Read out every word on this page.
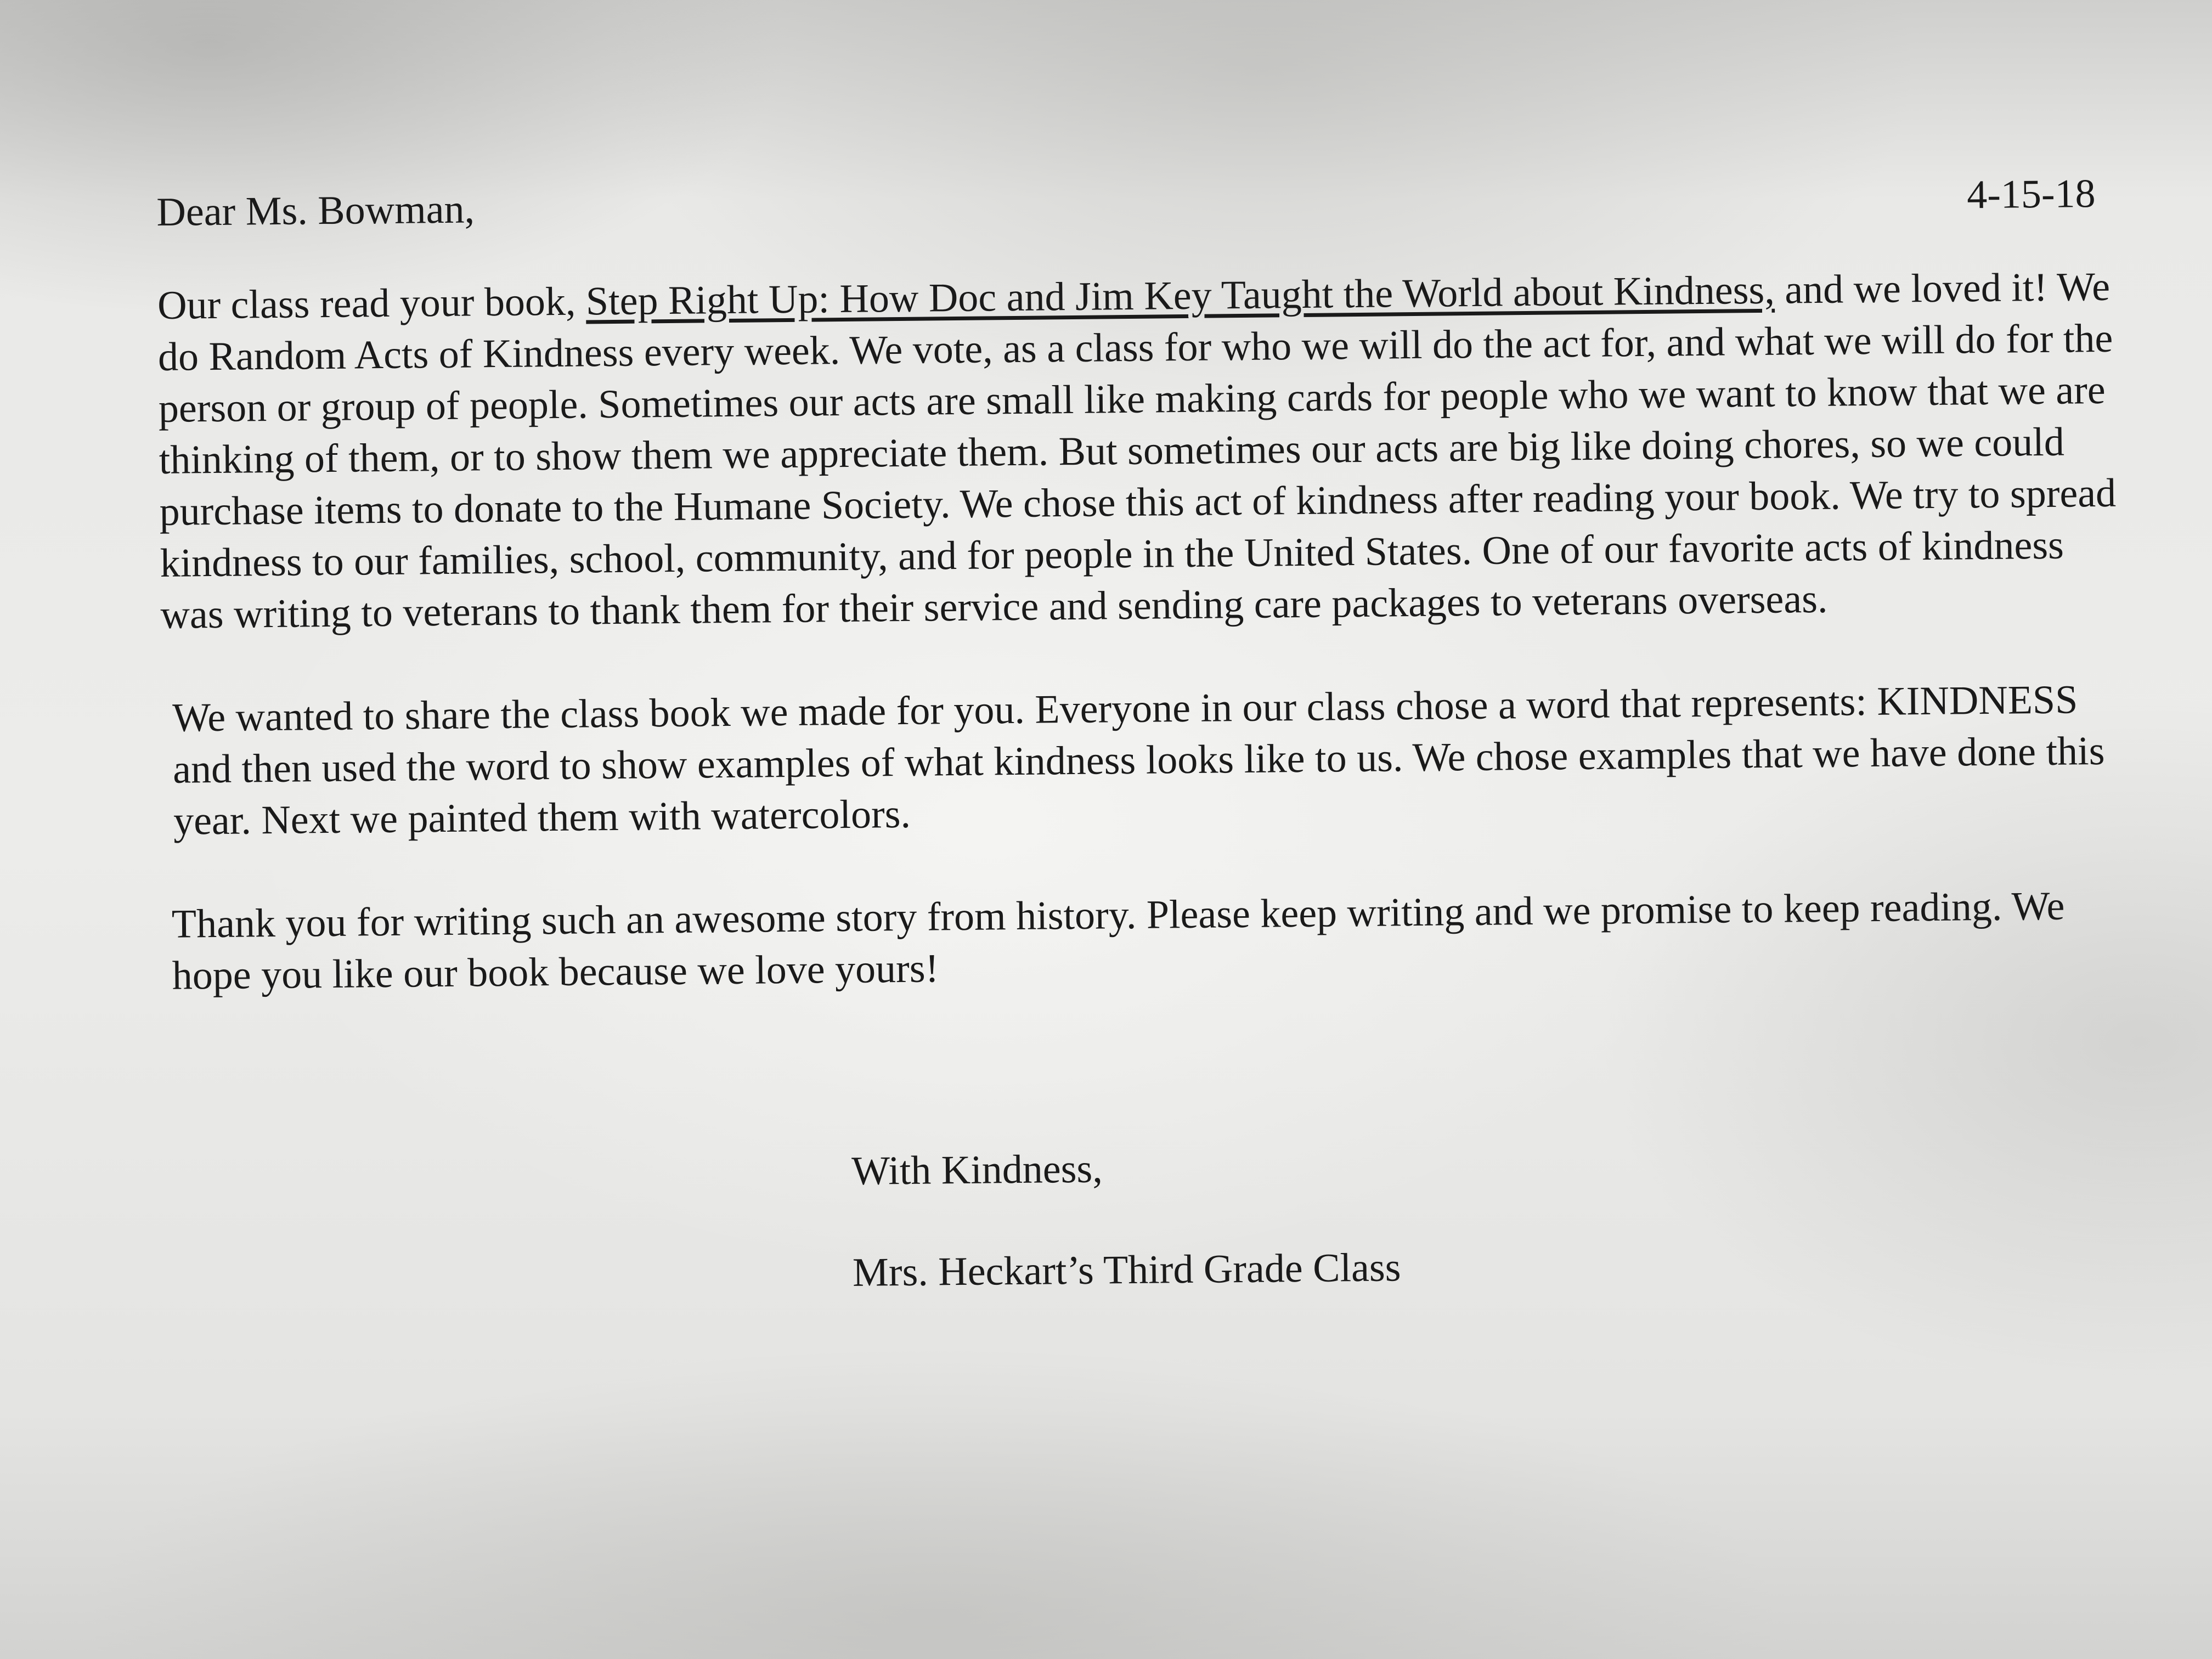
4-15-18

Dear Ms. Bowman,

Our class read your book, Step Right Up: How Doc and Jim Key Taught the World about Kindness, and we loved it! We do Random Acts of Kindness every week. We vote, as a class for who we will do the act for, and what we will do for the person or group of people. Sometimes our acts are small like making cards for people who we want to know that we are thinking of them, or to show them we appreciate them. But sometimes our acts are big like doing chores, so we could purchase items to donate to the Humane Society. We chose this act of kindness after reading your book. We try to spread kindness to our families, school, community, and for people in the United States. One of our favorite acts of kindness was writing to veterans to thank them for their service and sending care packages to veterans overseas.

We wanted to share the class book we made for you. Everyone in our class chose a word that represents: KINDNESS and then used the word to show examples of what kindness looks like to us. We chose examples that we have done this year. Next we painted them with watercolors.

Thank you for writing such an awesome story from history. Please keep writing and we promise to keep reading. We hope you like our book because we love yours!

With Kindness,
Mrs. Heckart’s Third Grade Class
